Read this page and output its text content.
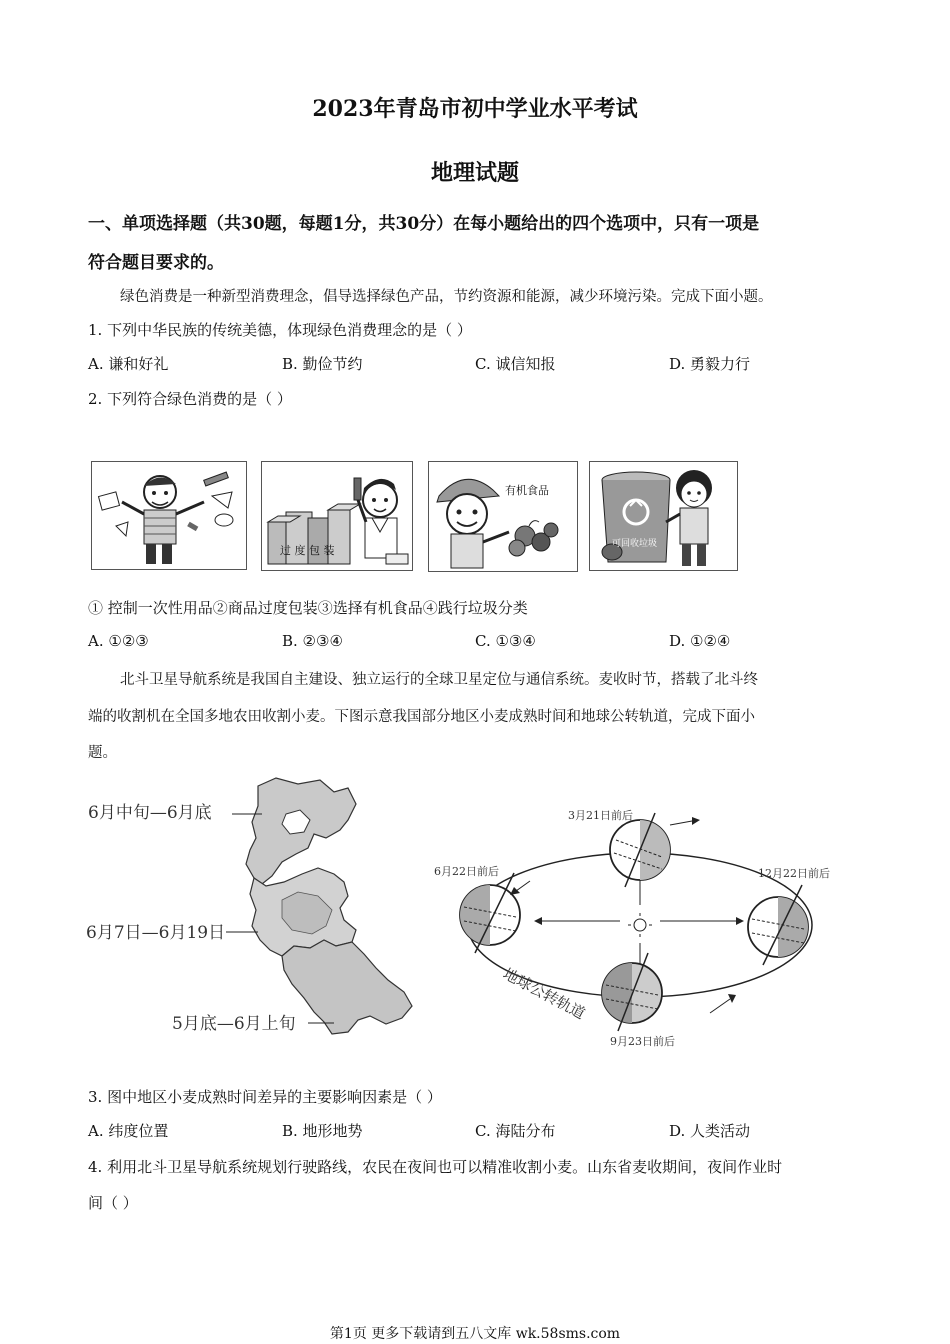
2023年青岛市初中学业水平考试
地理试题
一、单项选择题（共30题，每题1分，共30分）在每小题给出的四个选项中，只有一项是
符合题目要求的。
绿色消费是一种新型消费理念，倡导选择绿色产品，节约资源和能源，减少环境污染。完成下面小题。
1. 下列中华民族的传统美德，体现绿色消费理念的是（ ）
A. 谦和好礼	B. 勤俭节约	C. 诚信知报	D. 勇毅力行
2. 下列符合绿色消费的是（ ）
过 度 包 装
有机食品
可回收垃圾
① 控制一次性用品②商品过度包装③选择有机食品④践行垃圾分类
A. ①②③	B. ②③④	C. ①③④	D. ①②④
北斗卫星导航系统是我国自主建设、独立运行的全球卫星定位与通信系统。麦收时节，搭载了北斗终
端的收割机在全国多地农田收割小麦。下图示意我国部分地区小麦成熟时间和地球公转轨道，完成下面小
题。
6月中旬—6月底
6月7日—6月19日
5月底—6月上旬
3月21日前后
6月22日前后	12月22日前后
9月23日前后
地球公转轨道
3. 图中地区小麦成熟时间差异的主要影响因素是（ ）
A. 纬度位置	B. 地形地势	C. 海陆分布	D. 人类活动
4. 利用北斗卫星导航系统规划行驶路线，农民在夜间也可以精准收割小麦。山东省麦收期间，夜间作业时
间（ ）
第1页 更多下载请到五八文库 wk.58sms.com
